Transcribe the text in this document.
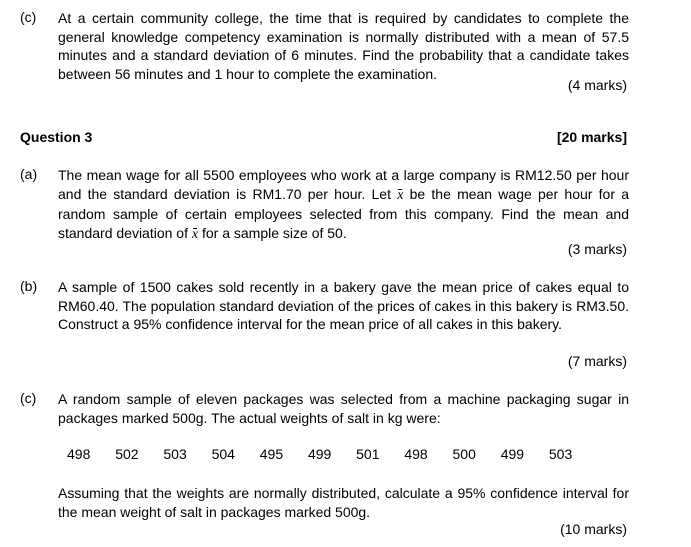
(c) At a certain community college, the time that is required by candidates to complete the general knowledge competency examination is normally distributed with a mean of 57.5 minutes and a standard deviation of 6 minutes. Find the probability that a candidate takes between 56 minutes and 1 hour to complete the examination.
(4 marks)
Question 3	[20 marks]
(a) The mean wage for all 5500 employees who work at a large company is RM12.50 per hour and the standard deviation is RM1.70 per hour. Let x be the mean wage per hour for a random sample of certain employees selected from this company. Find the mean and standard deviation of x for a sample size of 50.
(3 marks)
(b) A sample of 1500 cakes sold recently in a bakery gave the mean price of cakes equal to RM60.40. The population standard deviation of the prices of cakes in this bakery is RM3.50. Construct a 95% confidence interval for the mean price of all cakes in this bakery.
(7 marks)
(c) A random sample of eleven packages was selected from a machine packaging sugar in packages marked 500g. The actual weights of salt in kg were:
498	502	503	504	495	499	501	498	500	499	503
Assuming that the weights are normally distributed, calculate a 95% confidence interval for the mean weight of salt in packages marked 500g.
(10 marks)
